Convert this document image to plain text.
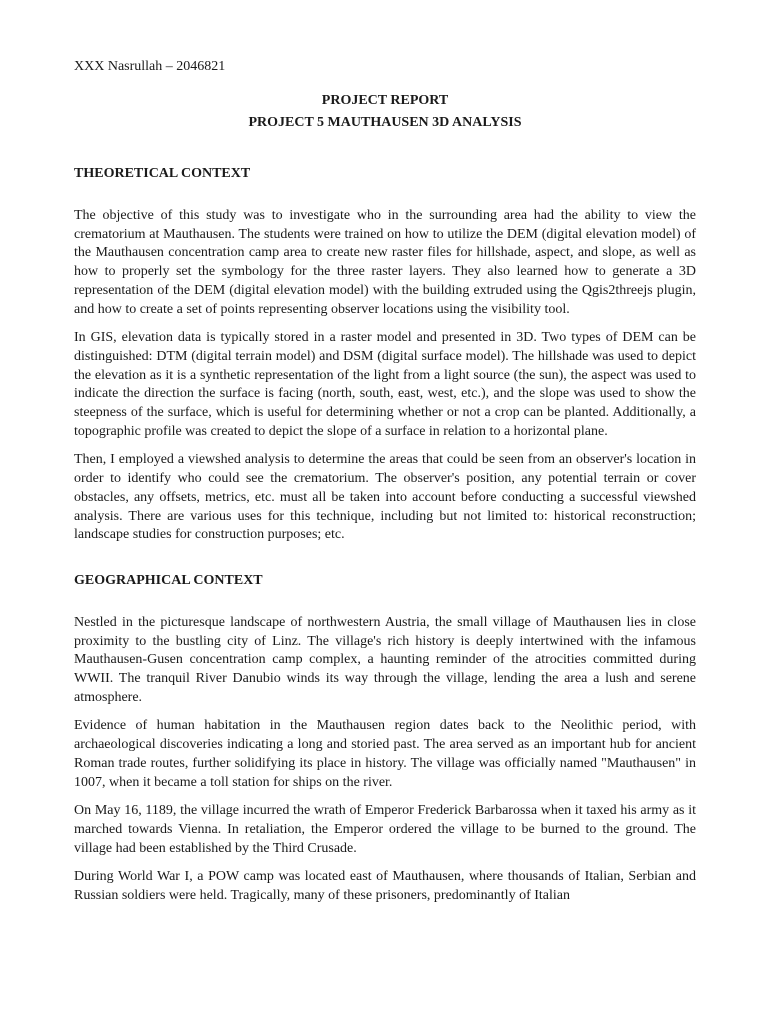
XXX Nasrullah – 2046821

PROJECT REPORT

PROJECT 5 MAUTHAUSEN 3D ANALYSIS

THEORETICAL CONTEXT

The objective of this study was to investigate who in the surrounding area had the ability to view the crematorium at Mauthausen. The students were trained on how to utilize the DEM (digital elevation model) of the Mauthausen concentration camp area to create new raster files for hillshade, aspect, and slope, as well as how to properly set the symbology for the three raster layers. They also learned how to generate a 3D representation of the DEM (digital elevation model) with the building extruded using the Qgis2threejs plugin, and how to create a set of points representing observer locations using the visibility tool.

In GIS, elevation data is typically stored in a raster model and presented in 3D. Two types of DEM can be distinguished: DTM (digital terrain model) and DSM (digital surface model). The hillshade was used to depict the elevation as it is a synthetic representation of the light from a light source (the sun), the aspect was used to indicate the direction the surface is facing (north, south, east, west, etc.), and the slope was used to show the steepness of the surface, which is useful for determining whether or not a crop can be planted. Additionally, a topographic profile was created to depict the slope of a surface in relation to a horizontal plane.

Then, I employed a viewshed analysis to determine the areas that could be seen from an observer's location in order to identify who could see the crematorium. The observer's position, any potential terrain or cover obstacles, any offsets, metrics, etc. must all be taken into account before conducting a successful viewshed analysis. There are various uses for this technique, including but not limited to: historical reconstruction; landscape studies for construction purposes; etc.

GEOGRAPHICAL CONTEXT

Nestled in the picturesque landscape of northwestern Austria, the small village of Mauthausen lies in close proximity to the bustling city of Linz. The village's rich history is deeply intertwined with the infamous Mauthausen-Gusen concentration camp complex, a haunting reminder of the atrocities committed during WWII. The tranquil River Danubio winds its way through the village, lending the area a lush and serene atmosphere.

Evidence of human habitation in the Mauthausen region dates back to the Neolithic period, with archaeological discoveries indicating a long and storied past. The area served as an important hub for ancient Roman trade routes, further solidifying its place in history. The village was officially named "Mauthausen" in 1007, when it became a toll station for ships on the river.

On May 16, 1189, the village incurred the wrath of Emperor Frederick Barbarossa when it taxed his army as it marched towards Vienna. In retaliation, the Emperor ordered the village to be burned to the ground. The village had been established by the Third Crusade.

During World War I, a POW camp was located east of Mauthausen, where thousands of Italian, Serbian and Russian soldiers were held. Tragically, many of these prisoners, predominantly of Italian
